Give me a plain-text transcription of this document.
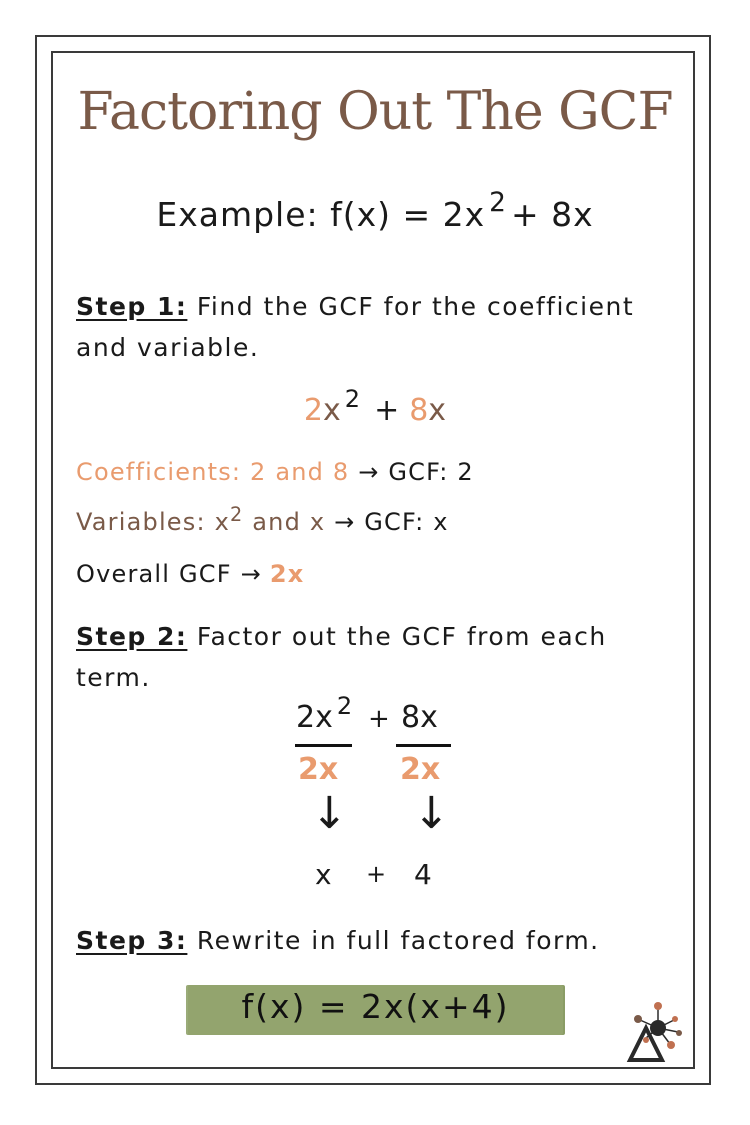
Factoring Out The GCF
Example: f(x) = 2x $^2$ + 8x
Step 1: Find the GCF for the coefficient
and variable.
2x $^2$ + 8x
Coefficients: 2 and 8 → GCF: 2
Variables: $x^2$ and x → GCF: x
Overall GCF → 2x
Step 2: Factor out the GCF from each
term.
2x $^2$ + 8x
2x 2x
↓ ↓
x + 4
Step 3: Rewrite in full factored form.
f(x) = 2x(x+4)
